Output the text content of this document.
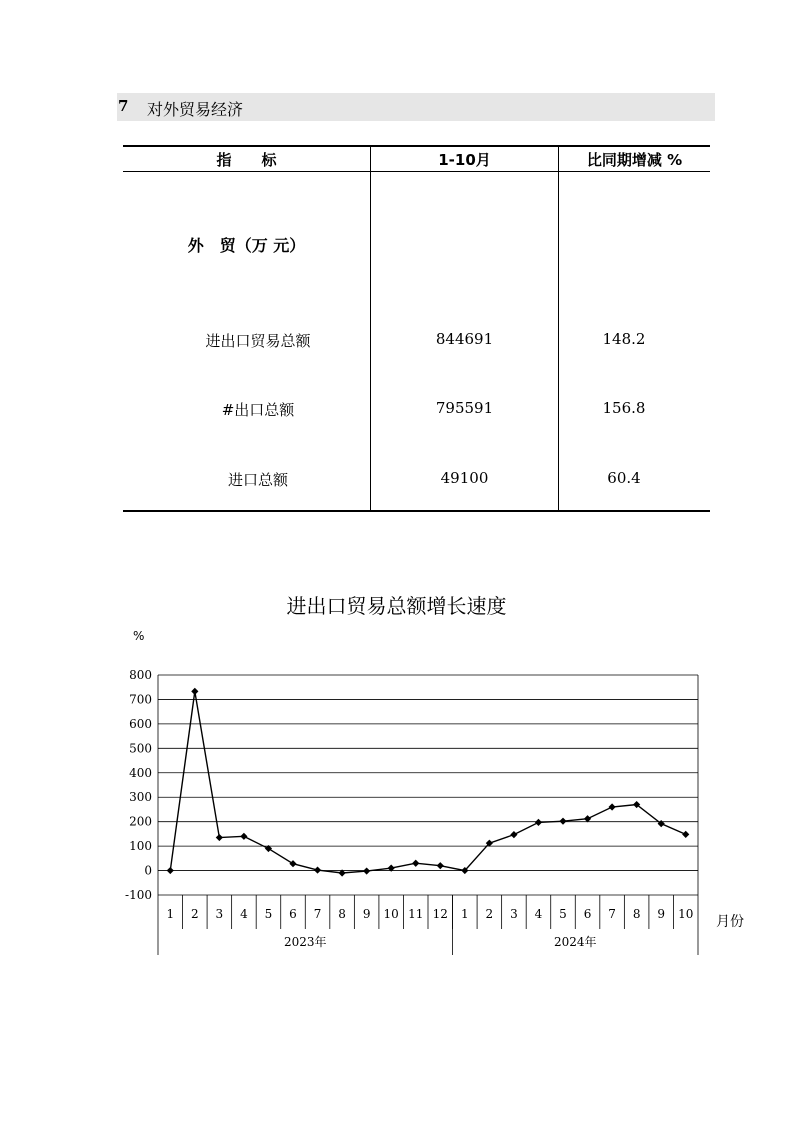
7 对外贸易经济
指　　标	1-10月	比同期增减 %
外　贸（万 元）
进出口贸易总额	844691	148.2
#出口总额	795591	156.8
进口总额	49100	60.4
进出口贸易总额增长速度
-100
0
100
200
300
400
500
600
700
800
%
1 2 3 4 5 6 7 8 9 10 11 12 1 2 3 4 5 6 7 8 9 10
2023年	2024年
月份
